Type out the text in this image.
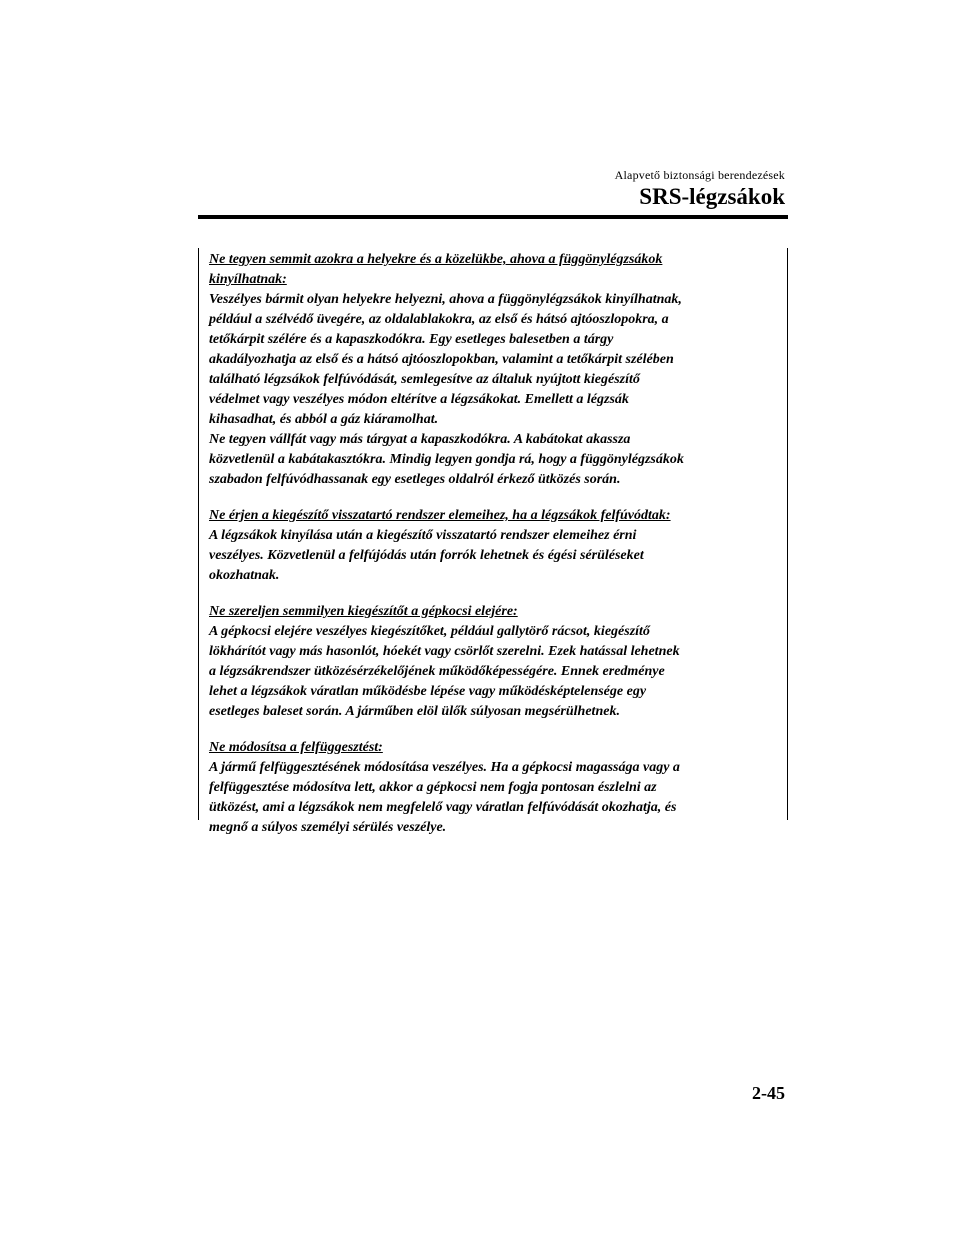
Alapvető biztonsági berendezések
SRS-légzsákok
Ne tegyen semmit azokra a helyekre és a közelükbe, ahova a függönylégzsákok
kinyílhatnak:
Veszélyes bármit olyan helyekre helyezni, ahova a függönylégzsákok kinyílhatnak,
például a szélvédő üvegére, az oldalablakokra, az első és hátsó ajtóoszlopokra, a
tetőkárpit szélére és a kapaszkodókra. Egy esetleges balesetben a tárgy
akadályozhatja az első és a hátsó ajtóoszlopokban, valamint a tetőkárpit szélében
található légzsákok felfúvódását, semlegesítve az általuk nyújtott kiegészítő
védelmet vagy veszélyes módon eltérítve a légzsákokat. Emellett a légzsák
kihasadhat, és abból a gáz kiáramolhat.
Ne tegyen vállfát vagy más tárgyat a kapaszkodókra. A kabátokat akassza
közvetlenül a kabátakasztókra. Mindig legyen gondja rá, hogy a függönylégzsákok
szabadon felfúvódhassanak egy esetleges oldalról érkező ütközés során.
Ne érjen a kiegészítő visszatartó rendszer elemeihez, ha a légzsákok felfúvódtak:
A légzsákok kinyílása után a kiegészítő visszatartó rendszer elemeihez érni
veszélyes. Közvetlenül a felfújódás után forrók lehetnek és égési sérüléseket
okozhatnak.
Ne szereljen semmilyen kiegészítőt a gépkocsi elejére:
A gépkocsi elejére veszélyes kiegészítőket, például gallytörő rácsot, kiegészítő
lökhárítót vagy más hasonlót, hóekét vagy csörlőt szerelni. Ezek hatással lehetnek
a légzsákrendszer ütközésérzékelőjének működőképességére. Ennek eredménye
lehet a légzsákok váratlan működésbe lépése vagy működésképtelensége egy
esetleges baleset során. A járműben elöl ülők súlyosan megsérülhetnek.
Ne módosítsa a felfüggesztést:
A jármű felfüggesztésének módosítása veszélyes. Ha a gépkocsi magassága vagy a
felfüggesztése módosítva lett, akkor a gépkocsi nem fogja pontosan észlelni az
ütközést, ami a légzsákok nem megfelelő vagy váratlan felfúvódását okozhatja, és
megnő a súlyos személyi sérülés veszélye.
2-45
